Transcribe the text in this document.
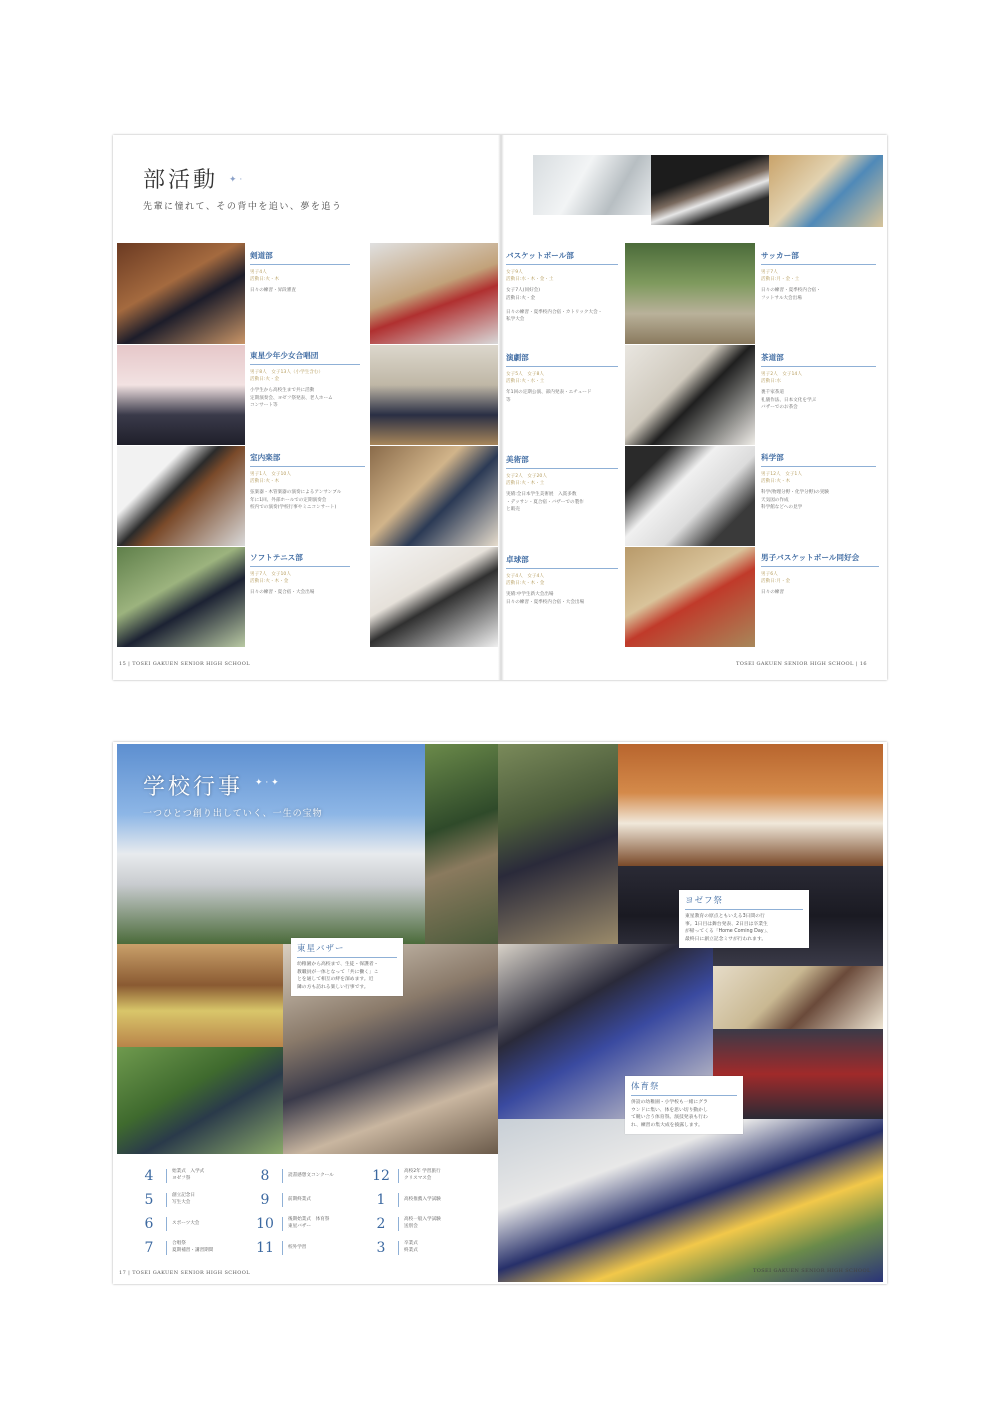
部活動 ✦ ·
先輩に憧れて、その背中を追い、夢を追う
剣道部
男子4人
活動日:火・木
日々の練習・昇段審査
東星少年少女合唱団
男子8人　女子13人（小学生含む）
活動日:火・金
小学生から高校生まで共に活動
定期演奏会、ヨゼフ祭発表、老人ホーム
コンサート等
室内楽部
男子1人　女子10人
活動日:火・木
弦楽器・木管楽器の演奏によるアンサンブル
年に1回、外部ホールでの定期演奏会
校内での演奏(学校行事やミニコンサート)
ソフトテニス部
男子7人　女子10人
活動日:火・木・金
日々の練習・夏合宿・大会出場
バスケットボール部
女子9人
活動日:水・木・金・土
女子7人(同好会)
活動日:火・金

日々の練習・夏季校内合宿・カトリック大会・
私学大会
演劇部
女子5人　女子8人
活動日:火・水・土
年1回の定期公演、部内発表・エチュード
等
美術部
女子2人　女子20人
活動日:火・木・土
実績:全日本学生美術展　入賞多数
・デッサン・夏合宿・バザーでの製作
と販売
卓球部
女子4人　女子4人
活動日:火・木・金
実績:中学生新大会出場
日々の練習・夏季校内合宿・大会出場
サッカー部
男子7人
活動日:月・金・土
日々の練習・夏季校内合宿・
フットサル大会出場
茶道部
男子2人　女子14人
活動日:水
裏千家茶道
礼儀作法、日本文化を学ぶ
バザーでのお茶会
科学部
男子12人　女子1人
活動日:火・木
科学(物理分野・化学分野)の実験
天気図の作成
科学館などへの見学
男子バスケットボール同好会
男子6人
活動日:月・金
日々の練習
15 | TOSEI GAKUEN SENIOR HIGH SCHOOL	TOSEI GAKUEN SENIOR HIGH SCHOOL | 16
学校行事 ✦ · ✦
一つひとつ創り出していく、一生の宝物
東星バザー
幼稚園から高校まで、生徒・保護者・
教職員が一体となって「共に働く」こ
とを通して相互の絆を深めます。近
隣の方も訪れる楽しい行事です。
4	始業式　入学式
ヨゼフ祭
5	創立記念日
写生大会
6	スポーツ大会
7	合唱祭
夏期補習・講習期間
8	読書感想文コンクール
9	前期終業式
10	後期始業式　体育祭
東星バザー
11	校外学習
12	高校2年 学習旅行
クリスマス会
1	高校推薦入学試験
2	高校一般入学試験
送別会
3	卒業式
終業式
17 | TOSEI GAKUEN SENIOR HIGH SCHOOL
ヨゼフ祭
東星教育の原点ともいえる3日間の行
事。1日目は舞台発表、2日目は卒業生
が帰ってくる「Home Coming Day」、
最終日に創立記念ミサが行われます。
体育祭
併設の幼稚園・小学校も一緒にグラ
ウンドに集い、体を思い切り動かし
て競い合う体育祭。演技発表も行わ
れ、練習の集大成を披露します。
TOSEI GAKUEN SENIOR HIGH SCHOOL
